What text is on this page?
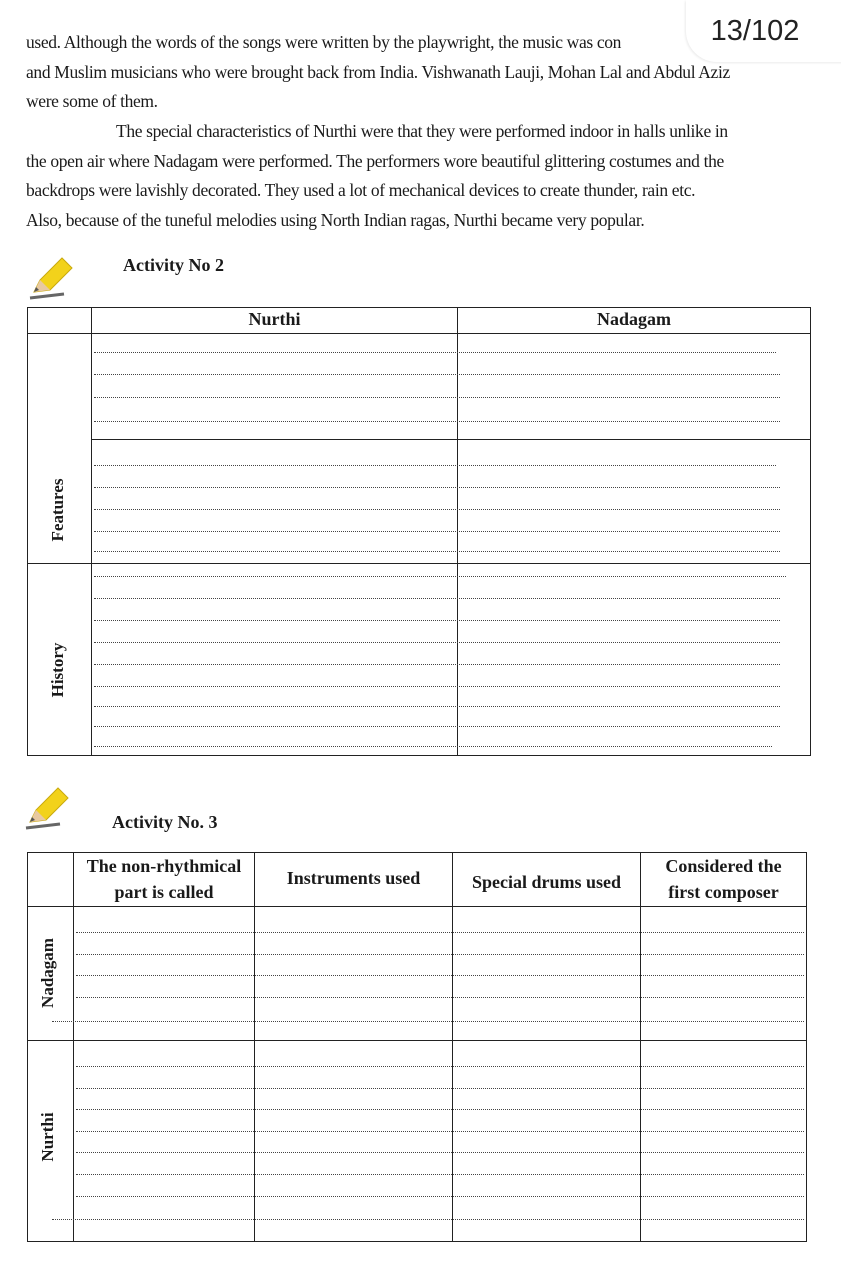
13/102
used. Although the words of the songs were written by the playwright, the music was con
and Muslim musicians who were brought back from India. Vishwanath Lauji, Mohan Lal and Abdul Aziz
were some of them.
The special characteristics of Nurthi were that they were performed indoor in halls unlike in
the open air where Nadagam were performed. The performers wore beautiful glittering costumes and the
backdrops were lavishly decorated. They used a lot of mechanical devices to create thunder, rain etc.
Also, because of the tuneful melodies using North Indian ragas, Nurthi became very popular.
Activity No 2
Nurthi	Nadagam
Features
History
Activity No. 3
The non-rhythmical
part is called
Instruments used	Special drums used
Considered the
first composer
Nadagam
Nurthi
